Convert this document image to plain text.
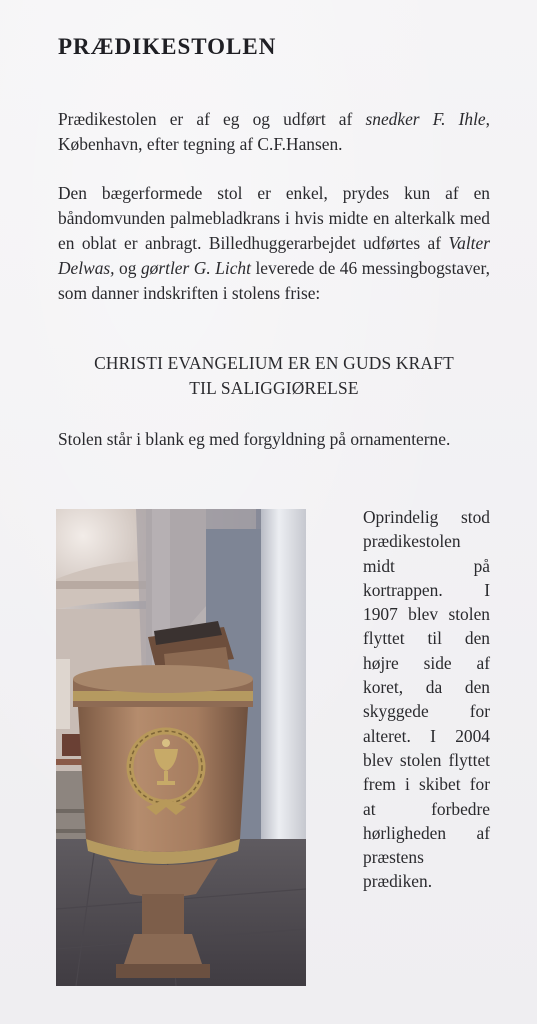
PRÆDIKESTOLEN

Prædikestolen er af eg og udført af snedker F. Ihle, København, efter tegning af C.F.Hansen.

Den bægerformede stol er enkel, prydes kun af en båndomvunden palmebladkrans i hvis midte en alterkalk med en oblat er anbragt. Billedhuggerarbejdet udførtes af Valter Delwas, og gørtler G. Licht leverede de 46 messingbogstaver, som danner indskriften i stolens frise:

CHRISTI EVANGELIUM ER EN GUDS KRAFT
TIL SALIGGIØRELSE

Stolen står i blank eg med forgyldning på ornamenterne.

Oprindelig stod prædikestolen midt på kortrappen. I 1907 blev stolen flyttet til den højre side af koret, da den skyggede for alteret. I 2004 blev stolen flyttet frem i skibet for at forbedre hørligheden af præstens prædiken.
